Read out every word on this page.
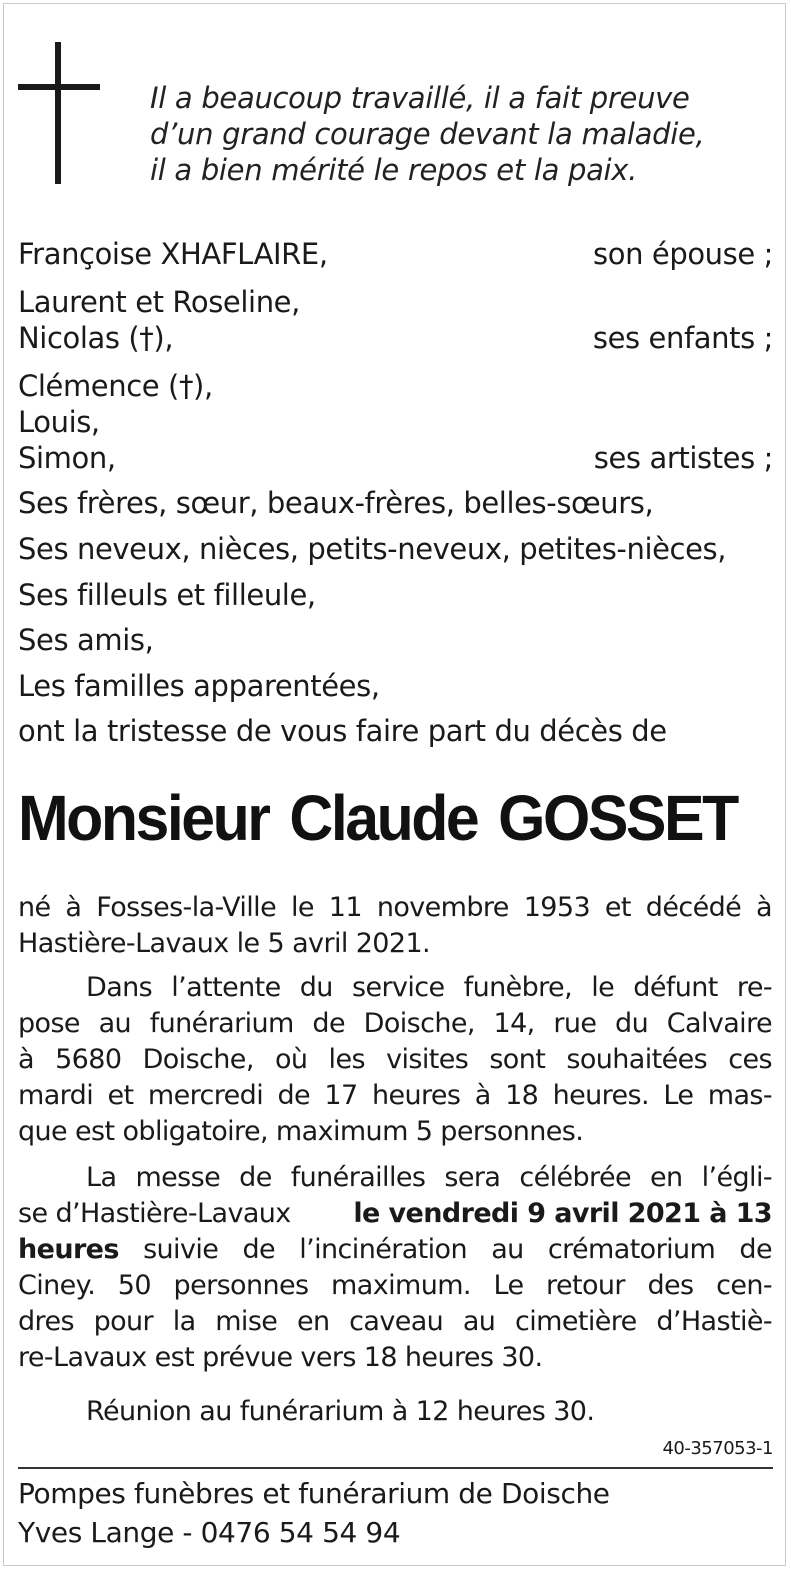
Il a beaucoup travaillé, il a fait preuve
d’un grand courage devant la maladie,
il a bien mérité le repos et la paix.
Françoise XHAFLAIRE,	son épouse ;
Laurent et Roseline,
Nicolas (†),	ses enfants ;
Clémence (†),
Louis,
Simon,	ses artistes ;
Ses frères, sœur, beaux-frères, belles-sœurs,
Ses neveux, nièces, petits-neveux, petites-nièces,
Ses filleuls et filleule,
Ses amis,
Les familles apparentées,
ont la tristesse de vous faire part du décès de
Monsieur Claude GOSSET
né à Fosses-la-Ville le 11 novembre 1953 et décédé à
Hastière-Lavaux le 5 avril 2021.
Dans l’attente du service funèbre, le défunt re-
pose au funérarium de Doische, 14, rue du Calvaire
à 5680 Doische, où les visites sont souhaitées ces
mardi et mercredi de 17 heures à 18 heures. Le mas-
que est obligatoire, maximum 5 personnes.
La messe de funérailles sera célébrée en l’égli-
se d’Hastière-Lavaux le vendredi 9 avril 2021 à 13
heures suivie de l’incinération au crématorium de
Ciney. 50 personnes maximum. Le retour des cen-
dres pour la mise en caveau au cimetière d’Hastiè-
re-Lavaux est prévue vers 18 heures 30.
Réunion au funérarium à 12 heures 30.
40-357053-1
Pompes funèbres et funérarium de Doische
Yves Lange - 0476 54 54 94
